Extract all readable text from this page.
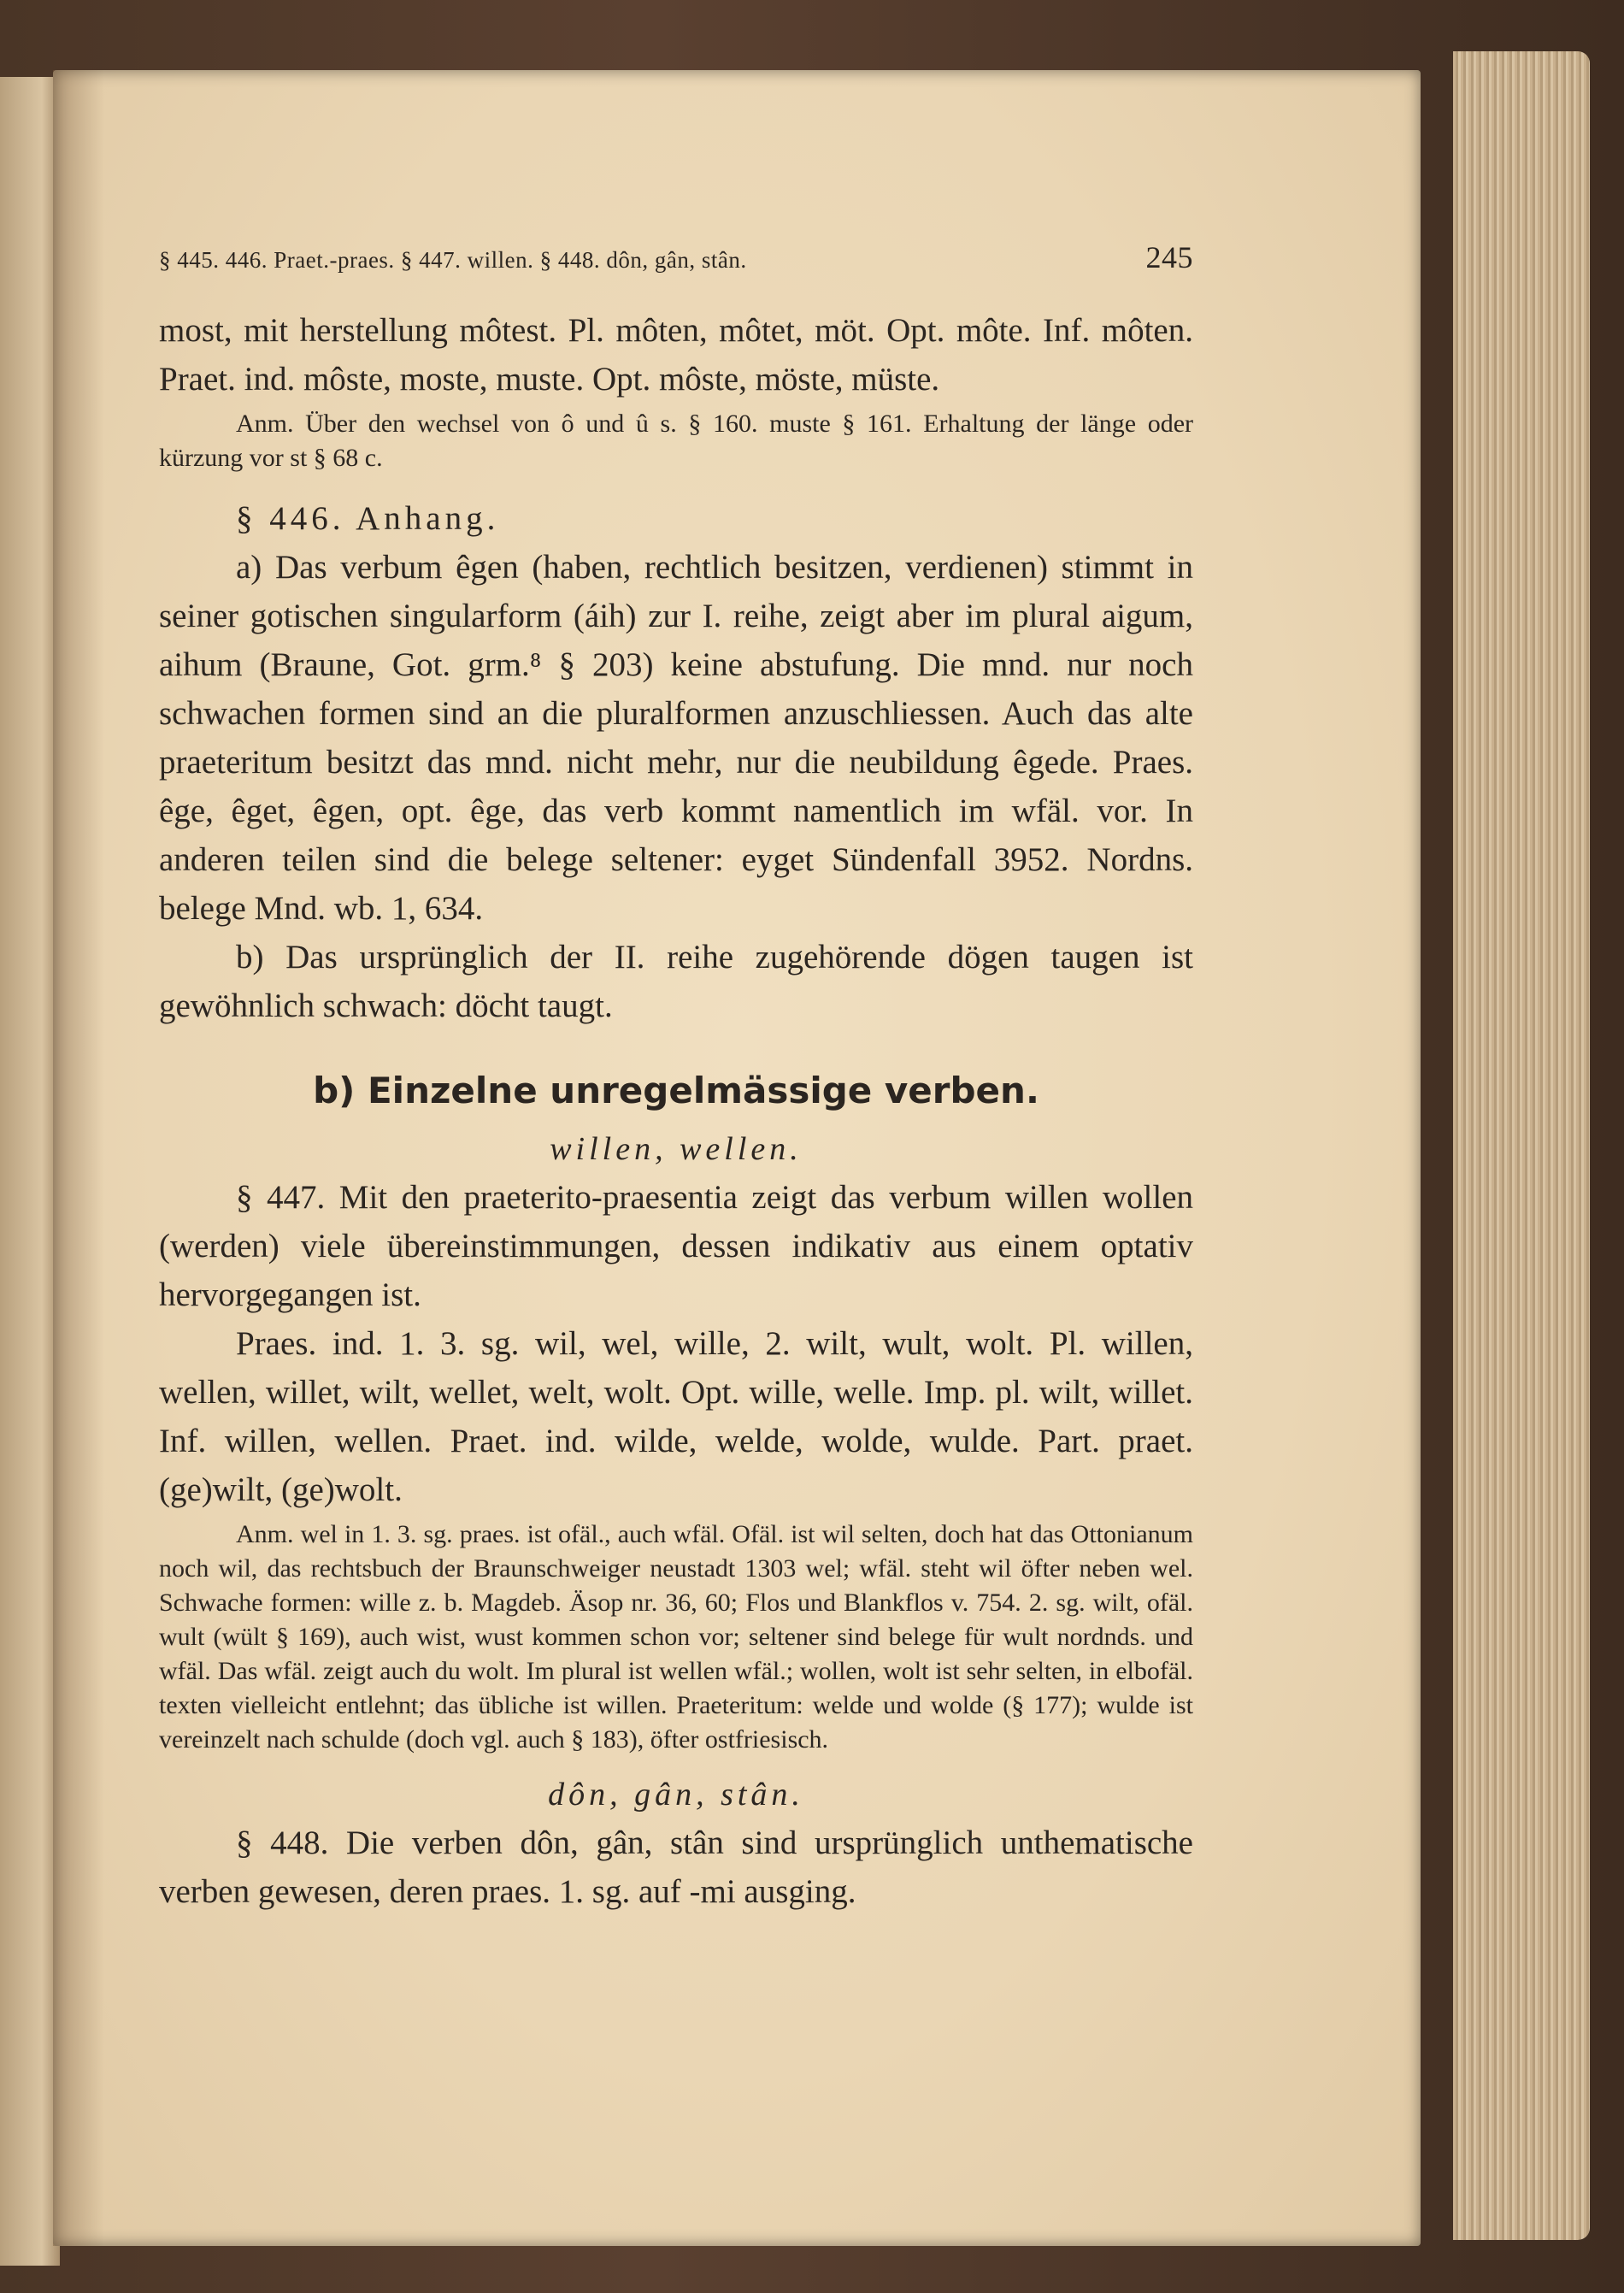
§ 445. 446. Praet.-praes. § 447. willen. § 448. dôn, gân, stân.	245

most, mit herstellung môtest. Pl. môten, môtet, möt. Opt. môte. Inf. môten. Praet. ind. môste, moste, muste. Opt. môste, möste, müste.

Anm. Über den wechsel von ô und û s. § 160. muste § 161. Erhaltung der länge oder kürzung vor st § 68 c.

§ 446. Anhang.

a) Das verbum êgen (haben, rechtlich besitzen, verdienen) stimmt in seiner gotischen singularform (áih) zur I. reihe, zeigt aber im plural aigum, aihum (Braune, Got. grm.⁸ § 203) keine abstufung. Die mnd. nur noch schwachen formen sind an die pluralformen anzuschliessen. Auch das alte praeteritum besitzt das mnd. nicht mehr, nur die neubildung êgede. Praes. êge, êget, êgen, opt. êge, das verb kommt namentlich im wfäl. vor. In anderen teilen sind die belege seltener: eyget Sündenfall 3952. Nordns. belege Mnd. wb. 1, 634.

b) Das ursprünglich der II. reihe zugehörende dögen taugen ist gewöhnlich schwach: döcht taugt.

b) Einzelne unregelmässige verben.
willen, wellen.

§ 447. Mit den praeterito-praesentia zeigt das verbum willen wollen (werden) viele übereinstimmungen, dessen indikativ aus einem optativ hervorgegangen ist.

Praes. ind. 1. 3. sg. wil, wel, wille, 2. wilt, wult, wolt. Pl. willen, wellen, willet, wilt, wellet, welt, wolt. Opt. wille, welle. Imp. pl. wilt, willet. Inf. willen, wellen. Praet. ind. wilde, welde, wolde, wulde. Part. praet. (ge)wilt, (ge)wolt.

Anm. wel in 1. 3. sg. praes. ist ofäl., auch wfäl. Ofäl. ist wil selten, doch hat das Ottonianum noch wil, das rechtsbuch der Braunschweiger neustadt 1303 wel; wfäl. steht wil öfter neben wel. Schwache formen: wille z. b. Magdeb. Äsop nr. 36, 60; Flos und Blankflos v. 754. 2. sg. wilt, ofäl. wult (wült § 169), auch wist, wust kommen schon vor; seltener sind belege für wult nordnds. und wfäl. Das wfäl. zeigt auch du wolt. Im plural ist wellen wfäl.; wollen, wolt ist sehr selten, in elbofäl. texten vielleicht entlehnt; das übliche ist willen. Praeteritum: welde und wolde (§ 177); wulde ist vereinzelt nach schulde (doch vgl. auch § 183), öfter ostfriesisch.

dôn, gân, stân.

§ 448. Die verben dôn, gân, stân sind ursprünglich unthematische verben gewesen, deren praes. 1. sg. auf -mi ausging.
